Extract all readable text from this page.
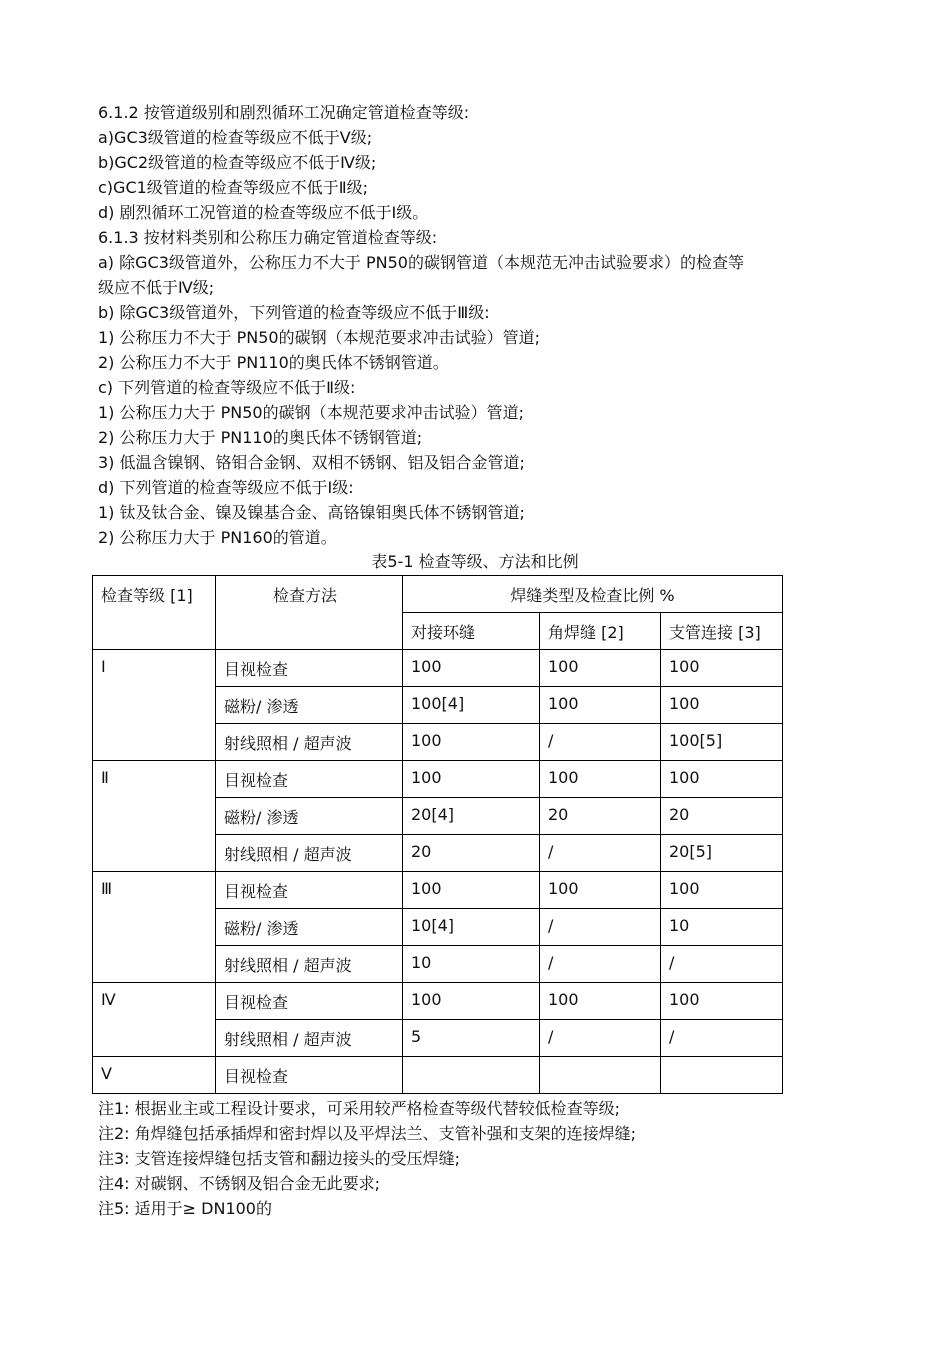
6.1.2 按管道级别和剧烈循环工况确定管道检查等级:
a)GC3级管道的检查等级应不低于Ⅴ级;
b)GC2级管道的检查等级应不低于Ⅳ级;
c)GC1级管道的检查等级应不低于Ⅱ级;
d) 剧烈循环工况管道的检查等级应不低于Ⅰ级。
6.1.3 按材料类别和公称压力确定管道检查等级:
a) 除GC3级管道外，公称压力不大于 PN50的碳钢管道（本规范无冲击试验要求）的检查等
级应不低于Ⅳ级;
b) 除GC3级管道外，下列管道的检查等级应不低于Ⅲ级:
1) 公称压力不大于 PN50的碳钢（本规范要求冲击试验）管道;
2) 公称压力不大于 PN110的奥氏体不锈钢管道。
c) 下列管道的检查等级应不低于Ⅱ级:
1) 公称压力大于 PN50的碳钢（本规范要求冲击试验）管道;
2) 公称压力大于 PN110的奥氏体不锈钢管道;
3) 低温含镍钢、铬钼合金钢、双相不锈钢、铝及铝合金管道;
d) 下列管道的检查等级应不低于Ⅰ级:
1) 钛及钛合金、镍及镍基合金、高铬镍钼奥氏体不锈钢管道;
2) 公称压力大于 PN160的管道。
表5-1 检查等级、方法和比例
检查等级 [1]	检查方法	焊缝类型及检查比例 %		
		对接环缝	角焊缝 [2]	支管连接 [3]
Ⅰ	目视检查	100	100	100
	磁粉/ 渗透	100[4]	100	100
	射线照相 / 超声波	100	/	100[5]
Ⅱ	目视检查	100	100	100
	磁粉/ 渗透	20[4]	20	20
	射线照相 / 超声波	20	/	20[5]
Ⅲ	目视检查	100	100	100
	磁粉/ 渗透	10[4]	/	10
	射线照相 / 超声波	10	/	/
Ⅳ	目视检查	100	100	100
	射线照相 / 超声波	5	/	/
Ⅴ	目视检查			
注1: 根据业主或工程设计要求，可采用较严格检查等级代替较低检查等级;
注2: 角焊缝包括承插焊和密封焊以及平焊法兰、支管补强和支架的连接焊缝;
注3: 支管连接焊缝包括支管和翻边接头的受压焊缝;
注4: 对碳钢、不锈钢及铝合金无此要求;
注5: 适用于≥ DN100的
